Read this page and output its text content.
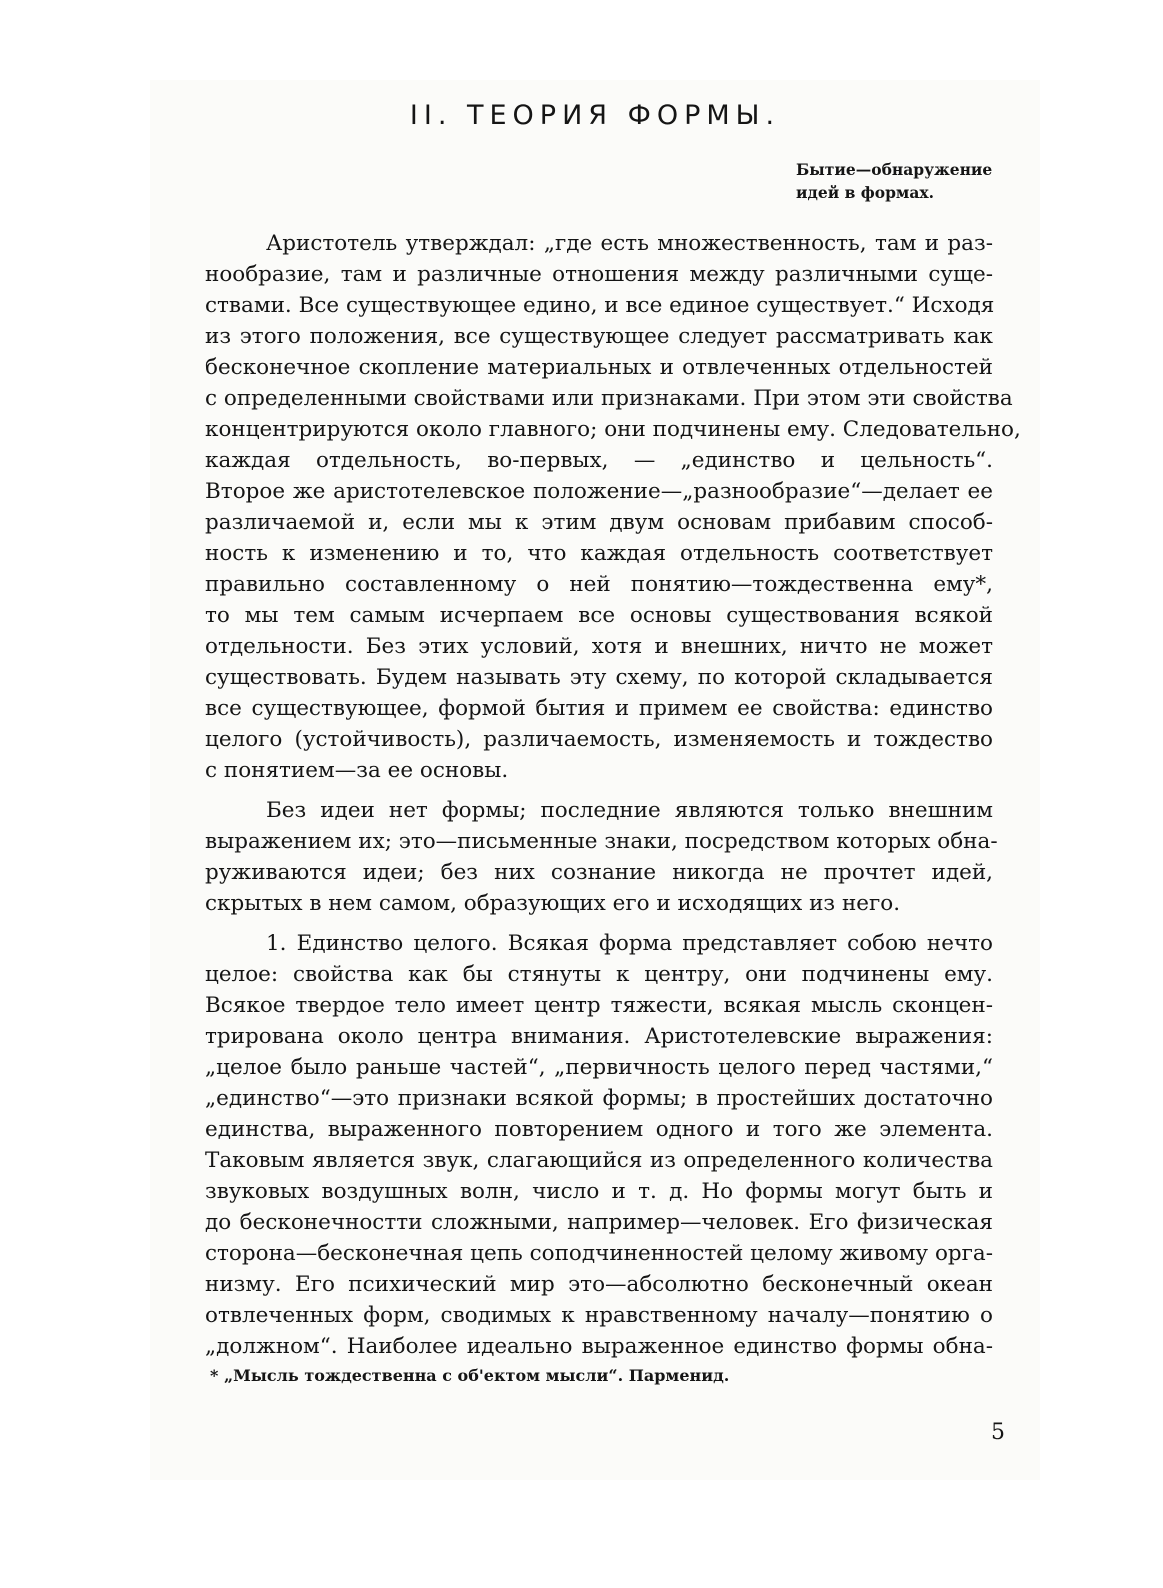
II. ТЕОРИЯ ФОРМЫ.
Бытие—обнаружение
идей в формах.
Аристотель утверждал: „где есть множественность, там и раз-
нообразие, там и различные отношения между различными суще-
ствами. Все существующее едино, и все единое существует.“ Исходя
из этого положения, все существующее следует рассматривать как
бесконечное скопление материальных и отвлеченных отдельностей
с определенными свойствами или признаками. При этом эти свойства
концентрируются около главного; они подчинены ему. Следовательно,
каждая отдельность, во-первых, — „единство и цельность“.
Второе же аристотелевское положение—„разнообразие“—делает ее
различаемой и, если мы к этим двум основам прибавим способ-
ность к изменению и то, что каждая отдельность соответствует
правильно составленному о ней понятию—тождественна ему*,
то мы тем самым исчерпаем все основы существования всякой
отдельности. Без этих условий, хотя и внешних, ничто не может
существовать. Будем называть эту схему, по которой складывается
все существующее, формой бытия и примем ее свойства: единство
целого (устойчивость), различаемость, изменяемость и тождество
с понятием—за ее основы.
Без идеи нет формы; последние являются только внешним
выражением их; это—письменные знаки, посредством которых обна-
руживаются идеи; без них сознание никогда не прочтет идей,
скрытых в нем самом, образующих его и исходящих из него.
1. Единство целого. Всякая форма представляет собою нечто
целое: свойства как бы стянуты к центру, они подчинены ему.
Всякое твердое тело имеет центр тяжести, всякая мысль сконцен-
трирована около центра внимания. Аристотелевские выражения:
„целое было раньше частей“, „первичность целого перед частями,“
„единство“—это признаки всякой формы; в простейших достаточно
единства, выраженного повторением одного и того же элемента.
Таковым является звук, слагающийся из определенного количества
звуковых воздушных волн, число и т. д. Но формы могут быть и
до бесконечностти сложными, например—человек. Его физическая
сторона—бесконечная цепь соподчиненностей целому живому орга-
низму. Его психический мир это—абсолютно бесконечный океан
отвлеченных форм, сводимых к нравственному началу—понятию о
„должном“. Наиболее идеально выраженное единство формы обна-
* „Мысль тождественна с об'ектом мысли“. Парменид.
5
